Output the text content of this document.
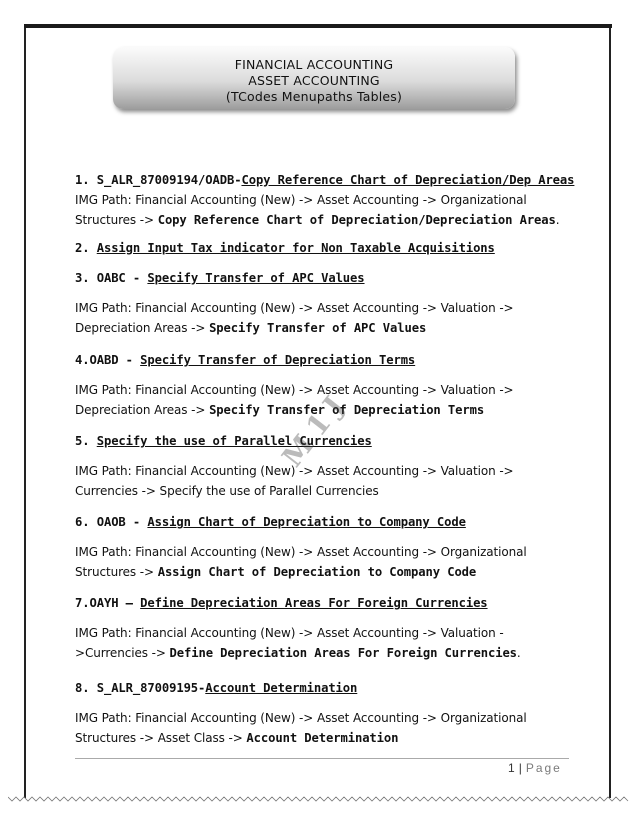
FINANCIAL ACCOUNTING
ASSET ACCOUNTING
(TCodes Menupaths Tables)
1. S_ALR_87009194/OADB-Copy Reference Chart of Depreciation/Dep Areas
IMG Path: Financial Accounting (New) -> Asset Accounting -> Organizational Structures -> Copy Reference Chart of Depreciation/Depreciation Areas.
2. Assign Input Tax indicator for Non Taxable Acquisitions
3. OABC - Specify Transfer of APC Values
IMG Path: Financial Accounting (New) -> Asset Accounting -> Valuation -> Depreciation Areas -> Specify Transfer of APC Values
4.OABD - Specify Transfer of Depreciation Terms
IMG Path: Financial Accounting (New) -> Asset Accounting -> Valuation -> Depreciation Areas -> Specify Transfer of Depreciation Terms
5. Specify the use of Parallel Currencies
IMG Path: Financial Accounting (New) -> Asset Accounting -> Valuation -> Currencies -> Specify the use of Parallel Currencies
6. OAOB - Assign Chart of Depreciation to Company Code
IMG Path: Financial Accounting (New) -> Asset Accounting -> Organizational Structures -> Assign Chart of Depreciation to Company Code
7.OAYH – Define Depreciation Areas For Foreign Currencies
IMG Path: Financial Accounting (New) -> Asset Accounting -> Valuation ->Currencies -> Define Depreciation Areas For Foreign Currencies.
8. S_ALR_87009195-Account Determination
IMG Path: Financial Accounting (New) -> Asset Accounting -> Organizational Structures -> Asset Class -> Account Determination
M1J
1 | Page
